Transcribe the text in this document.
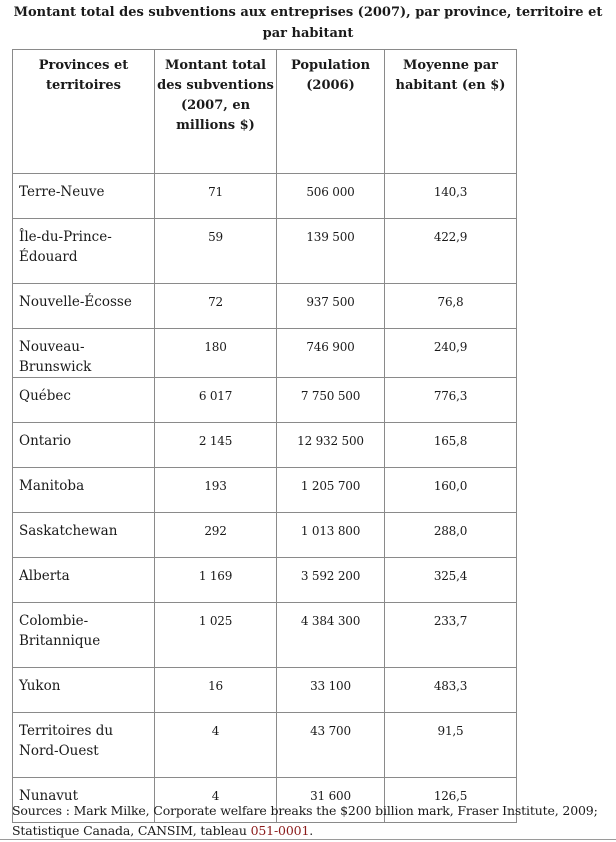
Montant total des subventions aux entreprises (2007), par province, territoire et par habitant

Provinces et territoires	Montant total des subventions (2007, en millions $)	Population (2006)	Moyenne par habitant (en $)
Terre-Neuve	71	506 000	140,3
Île-du-Prince-Édouard	59	139 500	422,9
Nouvelle-Écosse	72	937 500	76,8
Nouveau-Brunswick	180	746 900	240,9
Québec	6 017	7 750 500	776,3
Ontario	2 145	12 932 500	165,8
Manitoba	193	1 205 700	160,0
Saskatchewan	292	1 013 800	288,0
Alberta	1 169	3 592 200	325,4
Colombie-Britannique	1 025	4 384 300	233,7
Yukon	16	33 100	483,3
Territoires du Nord-Ouest	4	43 700	91,5
Nunavut	4	31 600	126,5

Sources : Mark Milke, Corporate welfare breaks the $200 billion mark, Fraser Institute, 2009; Statistique Canada, CANSIM, tableau 051-0001.
